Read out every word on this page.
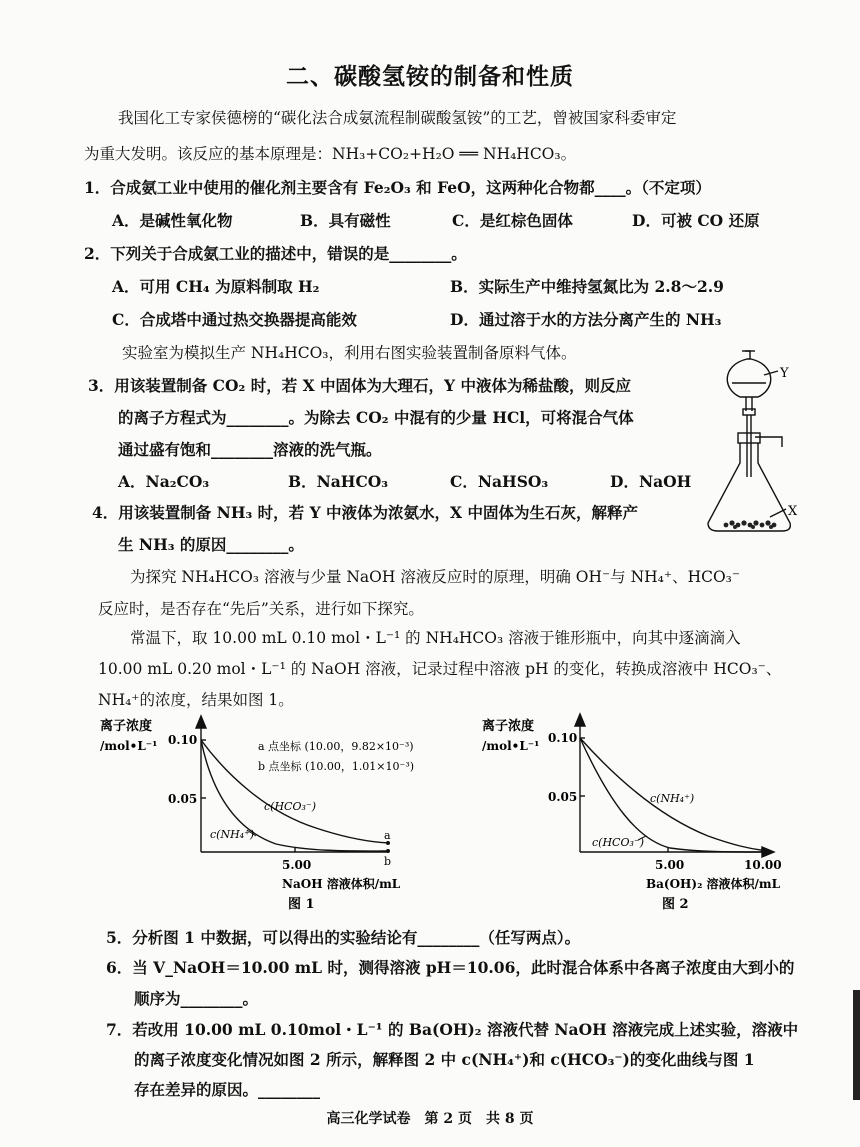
二、碳酸氢铵的制备和性质
我国化工专家侯德榜的“碳化法合成氨流程制碳酸氢铵”的工艺，曾被国家科委审定
为重大发明。该反应的基本原理是：NH₃+CO₂+H₂O ══ NH₄HCO₃。
1．合成氨工业中使用的催化剂主要含有 Fe₂O₃ 和 FeO，这两种化合物都____。（不定项）
A．是碱性氧化物	B．具有磁性	C．是红棕色固体	D．可被 CO 还原
2．下列关于合成氨工业的描述中，错误的是________。
A．可用 CH₄ 为原料制取 H₂	B．实际生产中维持氢氮比为 2.8～2.9
C．合成塔中通过热交换器提高能效	D．通过溶于水的方法分离产生的 NH₃
实验室为模拟生产 NH₄HCO₃，利用右图实验装置制备原料气体。
3．用该装置制备 CO₂ 时，若 X 中固体为大理石，Y 中液体为稀盐酸，则反应
的离子方程式为________。为除去 CO₂ 中混有的少量 HCl，可将混合气体
通过盛有饱和________溶液的洗气瓶。
A．Na₂CO₃	B．NaHCO₃	C．NaHSO₃	D．NaOH
Y
X
4．用该装置制备 NH₃ 时，若 Y 中液体为浓氨水，X 中固体为生石灰，解释产
生 NH₃ 的原因________。
为探究 NH₄HCO₃ 溶液与少量 NaOH 溶液反应时的原理，明确 OH⁻与 NH₄⁺、HCO₃⁻
反应时，是否存在“先后”关系，进行如下探究。
常温下，取 10.00 mL 0.10 mol・L⁻¹ 的 NH₄HCO₃ 溶液于锥形瓶中，向其中逐滴滴入
10.00 mL 0.20 mol・L⁻¹ 的 NaOH 溶液，记录过程中溶液 pH 的变化，转换成溶液中 HCO₃⁻、
NH₄⁺的浓度，结果如图 1。
离子浓度
/mol•L⁻¹ 0.10
0.05
5.00
a 点坐标 (10.00，9.82×10⁻³)
b 点坐标 (10.00，1.01×10⁻³)
c(HCO₃⁻)
c(NH₄⁺)	a
b
NaOH 溶液体积/mL
图 1
离子浓度
/mol•L⁻¹
0.10
0.05
5.00	10.00
c(NH₄⁺)
c(HCO₃⁻)
Ba(OH)₂ 溶液体积/mL
图 2
5．分析图 1 中数据，可以得出的实验结论有________（任写两点）。
6．当 V_NaOH＝10.00 mL 时，测得溶液 pH＝10.06，此时混合体系中各离子浓度由大到小的
顺序为________。
7．若改用 10.00 mL 0.10mol・L⁻¹ 的 Ba(OH)₂ 溶液代替 NaOH 溶液完成上述实验，溶液中
的离子浓度变化情况如图 2 所示，解释图 2 中 c(NH₄⁺)和 c(HCO₃⁻)的变化曲线与图 1
存在差异的原因。________
高三化学试卷　第 2 页　共 8 页
